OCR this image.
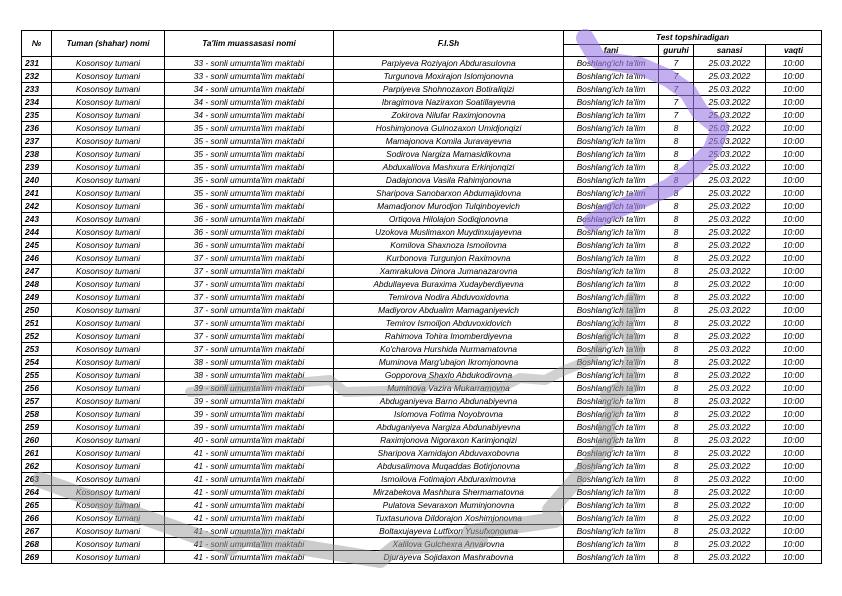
№	Tuman (shahar) nomi	Ta'lim muassasasi nomi	F.I.Sh	Test topshiradigan			
				fani	guruhi	sanasi	vaqti
231	Kosonsoy tumani	33 - sonli umumta'lim maktabi	Parpiyeva Roziyajon Abdurasulovna	Boshlang'ich ta'lim	7	25.03.2022	10:00
232	Kosonsoy tumani	33 - sonli umumta'lim maktabi	Turgunova Moxirajon Islomjonovna	Boshlang'ich ta'lim	7	25.03.2022	10:00
233	Kosonsoy tumani	34 - sonli umumta'lim maktabi	Parpiyeva Shohnozaxon Botiraliqizi	Boshlang'ich ta'lim	7	25.03.2022	10:00
234	Kosonsoy tumani	34 - sonli umumta'lim maktabi	Ibragimova Naziraxon Soatillayevna	Boshlang'ich ta'lim	7	25.03.2022	10:00
235	Kosonsoy tumani	34 - sonli umumta'lim maktabi	Zokirova Nilufar Raximjonovna	Boshlang'ich ta'lim	7	25.03.2022	10:00
236	Kosonsoy tumani	35 - sonli umumta'lim maktabi	Hoshimjonova Gulnozaxon Umidjonqizi	Boshlang'ich ta'lim	8	25.03.2022	10:00
237	Kosonsoy tumani	35 - sonli umumta'lim maktabi	Mamajonova Komila Juravayevna	Boshlang'ich ta'lim	8	25.03.2022	10:00
238	Kosonsoy tumani	35 - sonli umumta'lim maktabi	Sodirova Nargiza Mamasidikovna	Boshlang'ich ta'lim	8	25.03.2022	10:00
239	Kosonsoy tumani	35 - sonli umumta'lim maktabi	Abduxalilova Mashxura Erkinjonqizi	Boshlang'ich ta'lim	8	25.03.2022	10:00
240	Kosonsoy tumani	35 - sonli umumta'lim maktabi	Dadajonova Vasila Rahimjonovna	Boshlang'ich ta'lim	8	25.03.2022	10:00
241	Kosonsoy tumani	35 - sonli umumta'lim maktabi	Sharipova Sanobarxon Abdumajidovna	Boshlang'ich ta'lim	8	25.03.2022	10:00
242	Kosonsoy tumani	36 - sonli umumta'lim maktabi	Mamadjonov Murodjon Tulqinboyevich	Boshlang'ich ta'lim	8	25.03.2022	10:00
243	Kosonsoy tumani	36 - sonli umumta'lim maktabi	Ortiqova Hilolajon Sodiqjonovna	Boshlang'ich ta'lim	8	25.03.2022	10:00
244	Kosonsoy tumani	36 - sonli umumta'lim maktabi	Uzokova Muslimaxon Muydinxujayevna	Boshlang'ich ta'lim	8	25.03.2022	10:00
245	Kosonsoy tumani	36 - sonli umumta'lim maktabi	Komilova Shaxnoza Ismoilovna	Boshlang'ich ta'lim	8	25.03.2022	10:00
246	Kosonsoy tumani	37 - sonli umumta'lim maktabi	Kurbonova Turgunjon Raximovna	Boshlang'ich ta'lim	8	25.03.2022	10:00
247	Kosonsoy tumani	37 - sonli umumta'lim maktabi	Xamrakulova Dinora Jumanazarovna	Boshlang'ich ta'lim	8	25.03.2022	10:00
248	Kosonsoy tumani	37 - sonli umumta'lim maktabi	Abdullayeva Buraxima Xudayberdiyevna	Boshlang'ich ta'lim	8	25.03.2022	10:00
249	Kosonsoy tumani	37 - sonli umumta'lim maktabi	Temirova Nodira Abduvoxidovna	Boshlang'ich ta'lim	8	25.03.2022	10:00
250	Kosonsoy tumani	37 - sonli umumta'lim maktabi	Madiyorov Abdualim Mamaganiyevich	Boshlang'ich ta'lim	8	25.03.2022	10:00
251	Kosonsoy tumani	37 - sonli umumta'lim maktabi	Temirov Ismoiljon Abduvoxidovich	Boshlang'ich ta'lim	8	25.03.2022	10:00
252	Kosonsoy tumani	37 - sonli umumta'lim maktabi	Rahimova Tohira Imomberdiyevna	Boshlang'ich ta'lim	8	25.03.2022	10:00
253	Kosonsoy tumani	37 - sonli umumta'lim maktabi	Ko'charova Hurshida Nurmamatovna	Boshlang'ich ta'lim	8	25.03.2022	10:00
254	Kosonsoy tumani	38 - sonli umumta'lim maktabi	Muminova Marg'ubajon Ikromjonovna	Boshlang'ich ta'lim	8	25.03.2022	10:00
255	Kosonsoy tumani	38 - sonli umumta'lim maktabi	Gopporova Shaxlo Abdukodirovna	Boshlang'ich ta'lim	8	25.03.2022	10:00
256	Kosonsoy tumani	39 - sonli umumta'lim maktabi	Muminova Vazira Mukarramovna	Boshlang'ich ta'lim	8	25.03.2022	10:00
257	Kosonsoy tumani	39 - sonli umumta'lim maktabi	Abduganiyeva Barno Abdunabiyevna	Boshlang'ich ta'lim	8	25.03.2022	10:00
258	Kosonsoy tumani	39 - sonli umumta'lim maktabi	Islomova Fotima Noyobrovna	Boshlang'ich ta'lim	8	25.03.2022	10:00
259	Kosonsoy tumani	39 - sonli umumta'lim maktabi	Abduganiyeva Nargiza Abdunabiyevna	Boshlang'ich ta'lim	8	25.03.2022	10:00
260	Kosonsoy tumani	40 - sonli umumta'lim maktabi	Raximjonova Nigoraxon Karimjonqizi	Boshlang'ich ta'lim	8	25.03.2022	10:00
261	Kosonsoy tumani	41 - sonli umumta'lim maktabi	Sharipova Xamidajon Abduvaxobovna	Boshlang'ich ta'lim	8	25.03.2022	10:00
262	Kosonsoy tumani	41 - sonli umumta'lim maktabi	Abdusalimova Muqaddas Botirjonovna	Boshlang'ich ta'lim	8	25.03.2022	10:00
263	Kosonsoy tumani	41 - sonli umumta'lim maktabi	Ismoilova Fotimajon Abduraximovna	Boshlang'ich ta'lim	8	25.03.2022	10:00
264	Kosonsoy tumani	41 - sonli umumta'lim maktabi	Mirzabekova Mashhura Shermamatovna	Boshlang'ich ta'lim	8	25.03.2022	10:00
265	Kosonsoy tumani	41 - sonli umumta'lim maktabi	Pulatova Sevaraxon Muminjonovna	Boshlang'ich ta'lim	8	25.03.2022	10:00
266	Kosonsoy tumani	41 - sonli umumta'lim maktabi	Tuxtasunova Dildorajon Xoshimjonovna	Boshlang'ich ta'lim	8	25.03.2022	10:00
267	Kosonsoy tumani	41 - sonli umumta'lim maktabi	Boltaxujayeva Lutfixon Yusufxonovna	Boshlang'ich ta'lim	8	25.03.2022	10:00
268	Kosonsoy tumani	41 - sonli umumta'lim maktabi	Xalilova Gulchexra Anvarovna	Boshlang'ich ta'lim	8	25.03.2022	10:00
269	Kosonsoy tumani	41 - sonli umumta'lim maktabi	Djurayeva Sojidaxon Mashrabovna	Boshlang'ich ta'lim	8	25.03.2022	10:00
